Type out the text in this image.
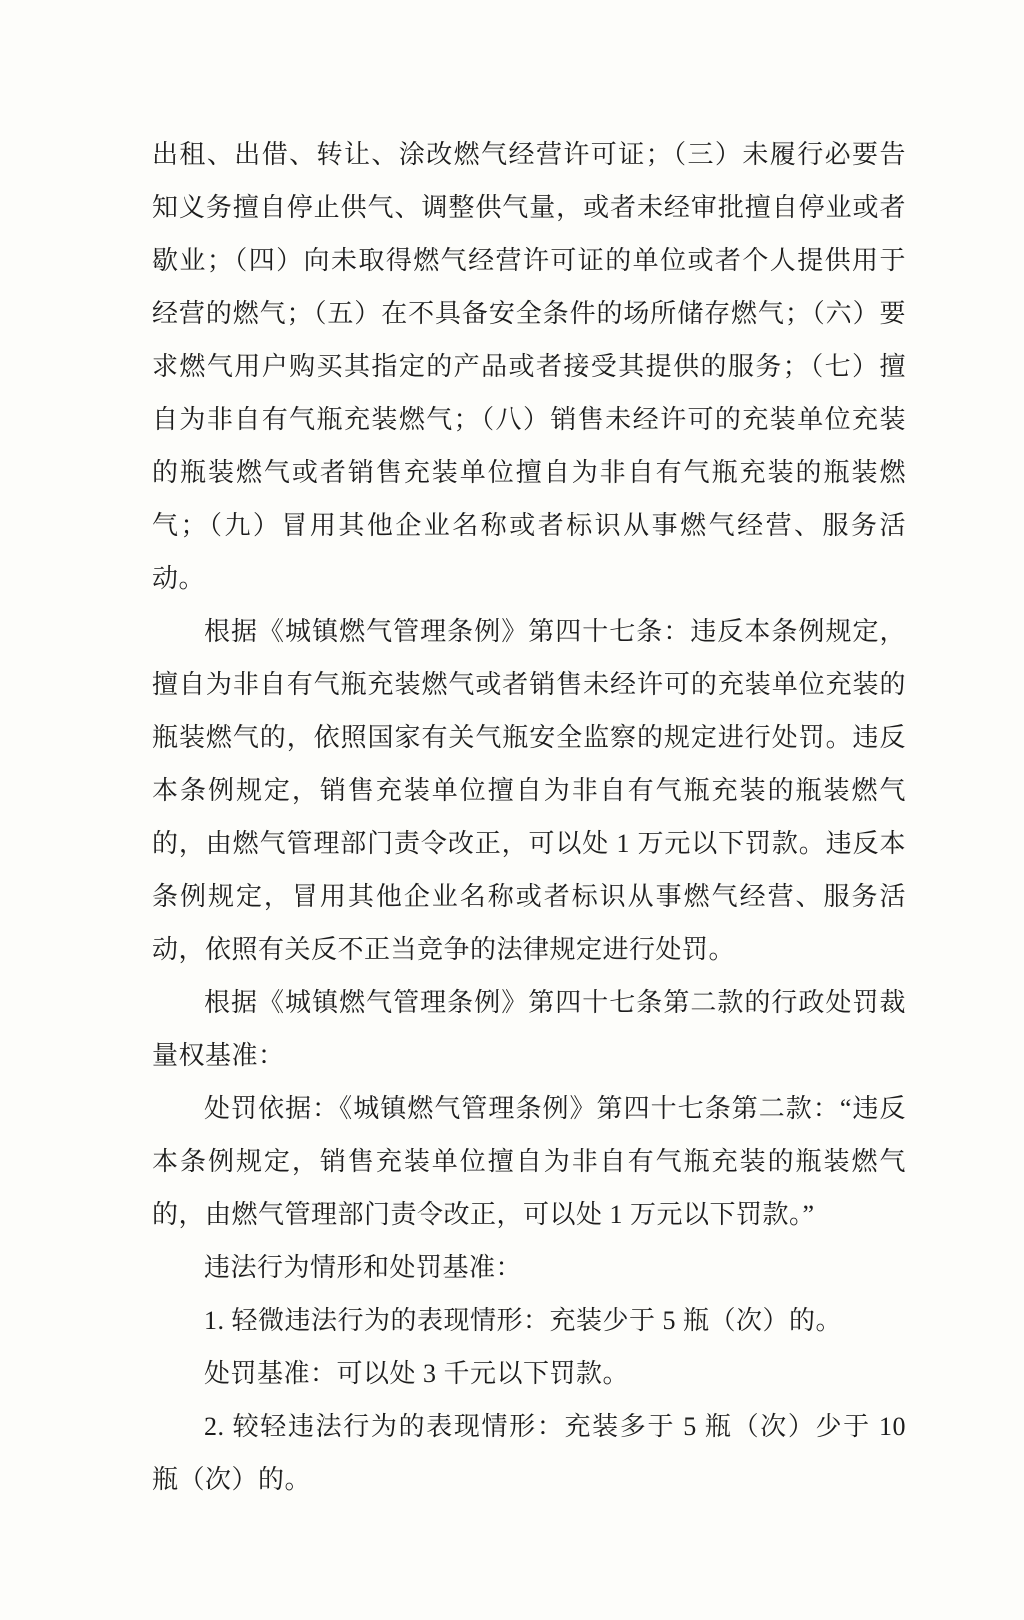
出租、出借、转让、涂改燃气经营许可证；（三）未履行必要告知义务擅自停止供气、调整供气量，或者未经审批擅自停业或者歇业；（四）向未取得燃气经营许可证的单位或者个人提供用于经营的燃气；（五）在不具备安全条件的场所储存燃气；（六）要求燃气用户购买其指定的产品或者接受其提供的服务；（七）擅自为非自有气瓶充装燃气；（八）销售未经许可的充装单位充装的瓶装燃气或者销售充装单位擅自为非自有气瓶充装的瓶装燃气；（九）冒用其他企业名称或者标识从事燃气经营、服务活动。

根据《城镇燃气管理条例》第四十七条：违反本条例规定，擅自为非自有气瓶充装燃气或者销售未经许可的充装单位充装的瓶装燃气的，依照国家有关气瓶安全监察的规定进行处罚。违反本条例规定，销售充装单位擅自为非自有气瓶充装的瓶装燃气的，由燃气管理部门责令改正，可以处 1 万元以下罚款。违反本条例规定，冒用其他企业名称或者标识从事燃气经营、服务活动，依照有关反不正当竞争的法律规定进行处罚。

根据《城镇燃气管理条例》第四十七条第二款的行政处罚裁量权基准：

处罚依据：《城镇燃气管理条例》第四十七条第二款：“违反本条例规定，销售充装单位擅自为非自有气瓶充装的瓶装燃气的，由燃气管理部门责令改正，可以处 1 万元以下罚款。”

违法行为情形和处罚基准：

1. 轻微违法行为的表现情形：充装少于 5 瓶（次）的。

处罚基准：可以处 3 千元以下罚款。

2. 较轻违法行为的表现情形：充装多于 5 瓶（次）少于 10 瓶（次）的。
